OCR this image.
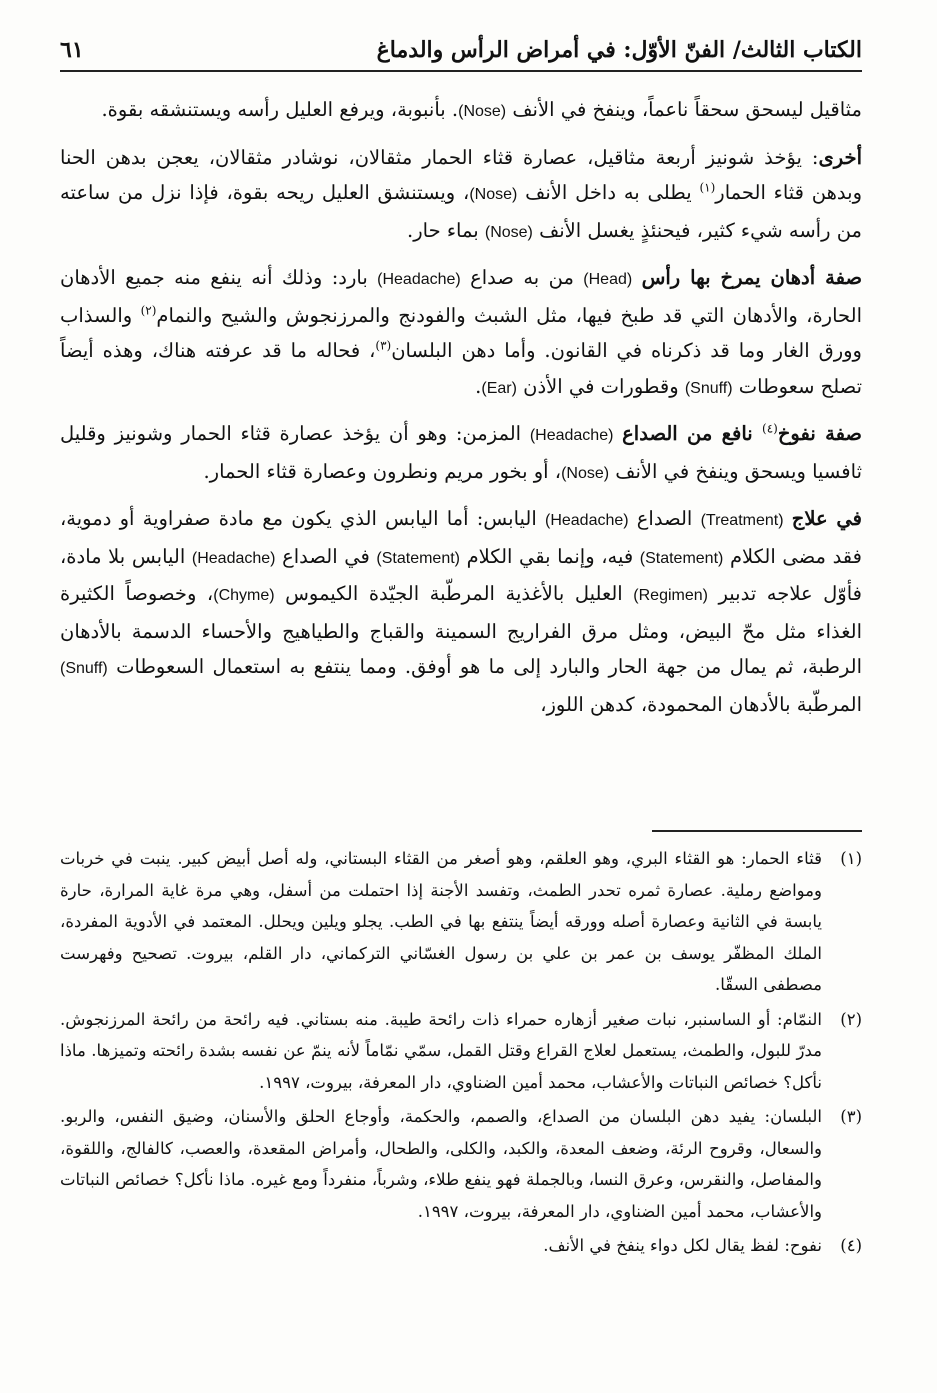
الكتاب الثالث/ الفنّ الأوّل: في أمراض الرأس والدماغ
٦١

مثاقيل ليسحق سحقاً ناعماً، وينفخ في الأنف (Nose). بأنبوبة، ويرفع العليل رأسه ويستنشقه بقوة.

أخرى: يؤخذ شونيز أربعة مثاقيل، عصارة قثاء الحمار مثقالان، نوشادر مثقالان، يعجن بدهن الحنا وبدهن قثاء الحمار$^{(١)}$ يطلى به داخل الأنف (Nose)، ويستنشق العليل ريحه بقوة، فإذا نزل من ساعته من رأسه شيء كثير، فيحنئذٍ يغسل الأنف (Nose) بماء حار.

صفة أدهان يمرخ بها رأس (Head) من به صداع (Headache) بارد: وذلك أنه ينفع منه جميع الأدهان الحارة، والأدهان التي قد طبخ فيها، مثل الشبث والفودنج والمرزنجوش والشيح والنمام$^{(٢)}$ والسذاب وورق الغار وما قد ذكرناه في القانون. وأما دهن البلسان$^{(٣)}$، فحاله ما قد عرفته هناك، وهذه أيضاً تصلح سعوطات (Snuff) وقطورات في الأذن (Ear).

صفة نفوخ$^{(٤)}$ نافع من الصداع (Headache) المزمن: وهو أن يؤخذ عصارة قثاء الحمار وشونيز وقليل ثافسيا ويسحق وينفخ في الأنف (Nose)، أو بخور مريم ونطرون وعصارة قثاء الحمار.

في علاج (Treatment) الصداع (Headache) اليابس: أما اليابس الذي يكون مع مادة صفراوية أو دموية، فقد مضى الكلام (Statement) فيه، وإنما بقي الكلام (Statement) في الصداع (Headache) اليابس بلا مادة، فأوّل علاجه تدبير (Regimen) العليل بالأغذية المرطّبة الجيّدة الكيموس (Chyme)، وخصوصاً الكثيرة الغذاء مثل محّ البيض، ومثل مرق الفراريج السمينة والقباج والطياهيج والأحساء الدسمة بالأدهان الرطبة، ثم يمال من جهة الحار والبارد إلى ما هو أوفق. ومما ينتفع به استعمال السعوطات (Snuff) المرطّبة بالأدهان المحمودة، كدهن اللوز،

(١)
قثاء الحمار: هو القثاء البري، وهو العلقم، وهو أصغر من القثاء البستاني، وله أصل أبيض كبير. ينبت في خربات ومواضع رملية. عصارة ثمره تحدر الطمث، وتفسد الأجنة إذا احتملت من أسفل، وهي مرة غاية المرارة، حارة يابسة في الثانية وعصارة أصله وورقه أيضاً ينتفع بها في الطب. يجلو ويلين ويحلل. المعتمد في الأدوية المفردة، الملك المظفّر يوسف بن عمر بن علي بن رسول الغسّاني التركماني، دار القلم، بيروت. تصحيح وفهرست مصطفى السقّا.
(٢)
النمّام: أو الساسنبر، نبات صغير أزهاره حمراء ذات رائحة طيبة. منه بستاني. فيه رائحة من رائحة المرزنجوش. مدرّ للبول، والطمث، يستعمل لعلاج القراع وقتل القمل، سمّي نمّاماً لأنه ينمّ عن نفسه بشدة رائحته وتميزها. ماذا نأكل؟ خصائص النباتات والأعشاب، محمد أمين الضناوي، دار المعرفة، بيروت، ١٩٩٧.
(٣)
البلسان: يفيد دهن البلسان من الصداع، والصمم، والحكمة، وأوجاع الحلق والأسنان، وضيق النفس، والربو. والسعال، وقروح الرئة، وضعف المعدة، والكبد، والكلى، والطحال، وأمراض المقعدة، والعصب، كالفالج، واللقوة، والمفاصل، والنقرس، وعرق النسا، وبالجملة فهو ينفع طلاء، وشرباً، منفرداً ومع غيره. ماذا نأكل؟ خصائص النباتات والأعشاب، محمد أمين الضناوي، دار المعرفة، بيروت، ١٩٩٧.
(٤)
نفوح: لفظ يقال لكل دواء ينفخ في الأنف.
